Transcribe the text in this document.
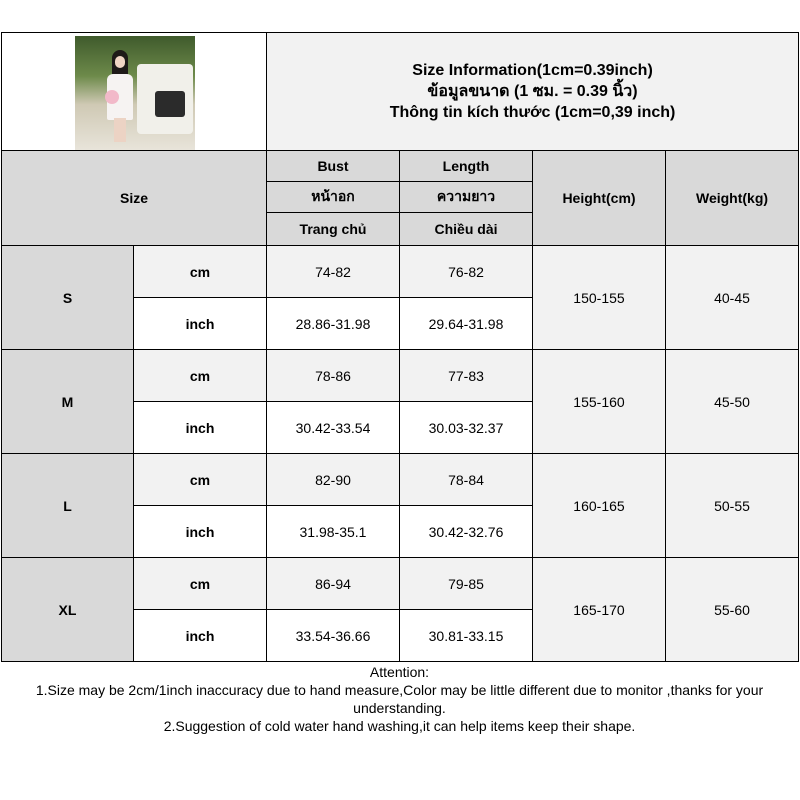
		Size Information(1cm=0.39inch)
ข้อมูลขนาด (1 ซม. = 0.39 นิ้ว)
Thông tin kích thước (1cm=0,39 inch)			

Size		Bust	Length	Height(cm)	Weight(kg)
		หน้าอก	ความยาว		
		Trang chủ	Chiều dài		
S	cm	74-82	76-82	150-155	40-45
	inch	28.86-31.98	29.64-31.98		
M	cm	78-86	77-83	155-160	45-50
	inch	30.42-33.54	30.03-32.37		
L	cm	82-90	78-84	160-165	50-55
	inch	31.98-35.1	30.42-32.76		
XL	cm	86-94	79-85	165-170	55-60
	inch	33.54-36.66	30.81-33.15		
Attention:
1.Size may be 2cm/1inch inaccuracy due to hand measure,Color may be little different due to monitor ,thanks for your understanding.
2.Suggestion of cold water hand washing,it can help items keep their shape.
